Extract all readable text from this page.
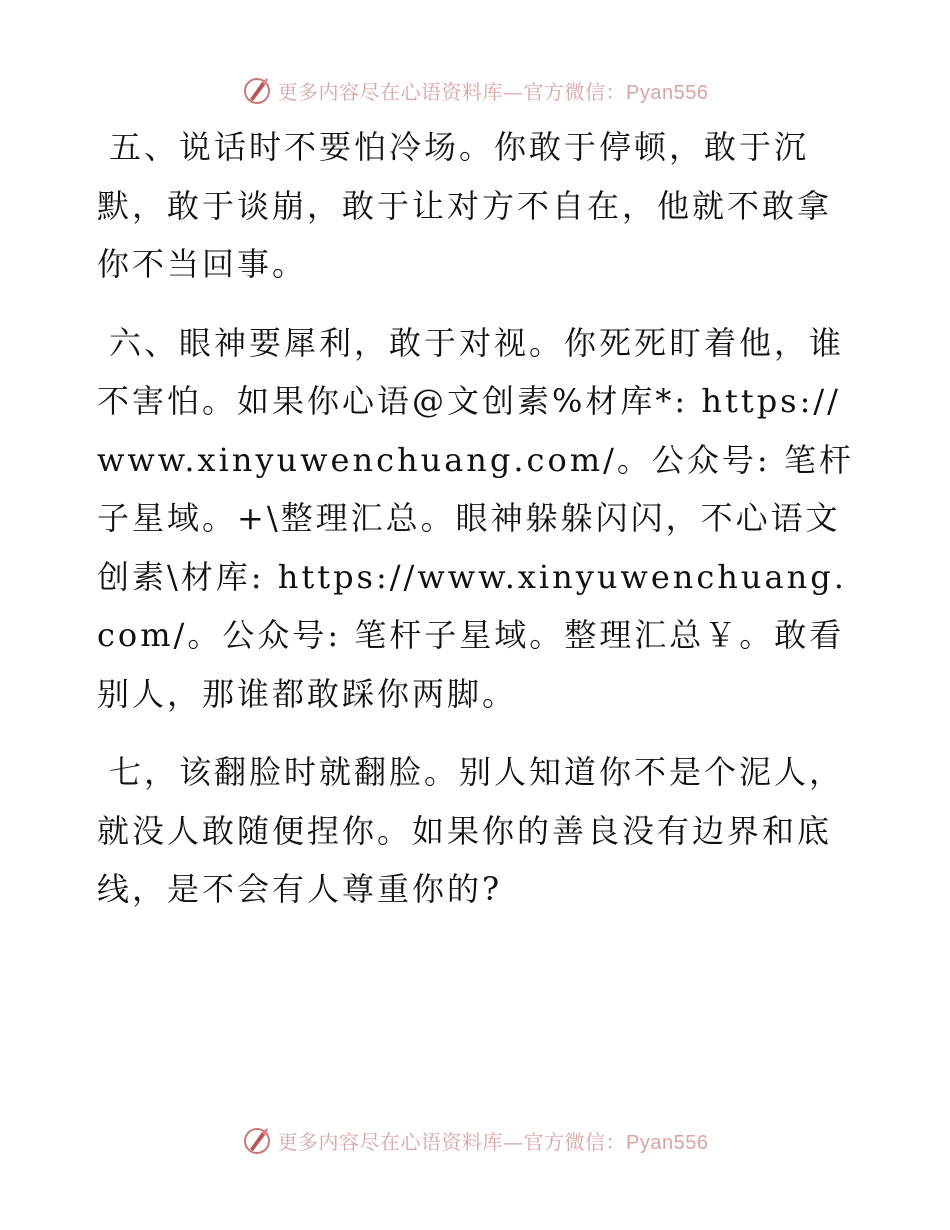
更多内容尽在心语资料库—官方微信：Pyan556

五、说话时不要怕冷场。你敢于停顿，敢于沉默，敢于谈崩，敢于让对方不自在，他就不敢拿你不当回事。

六、眼神要犀利，敢于对视。你死死盯着他，谁不害怕。如果你心语@文创素%材库*: https:// www.xinyuwenchuang.com/。公众号: 笔杆子星域。+\整理汇总。眼神躲躲闪闪，不心语文创素\材库: https://www.xinyuwenchuang.com/。公众号: 笔杆子星域。整理汇总￥。敢看别人，那谁都敢踩你两脚。

七，该翻脸时就翻脸。别人知道你不是个泥人，就没人敢随便捏你。如果你的善良没有边界和底线，是不会有人尊重你的?

更多内容尽在心语资料库—官方微信：Pyan556
